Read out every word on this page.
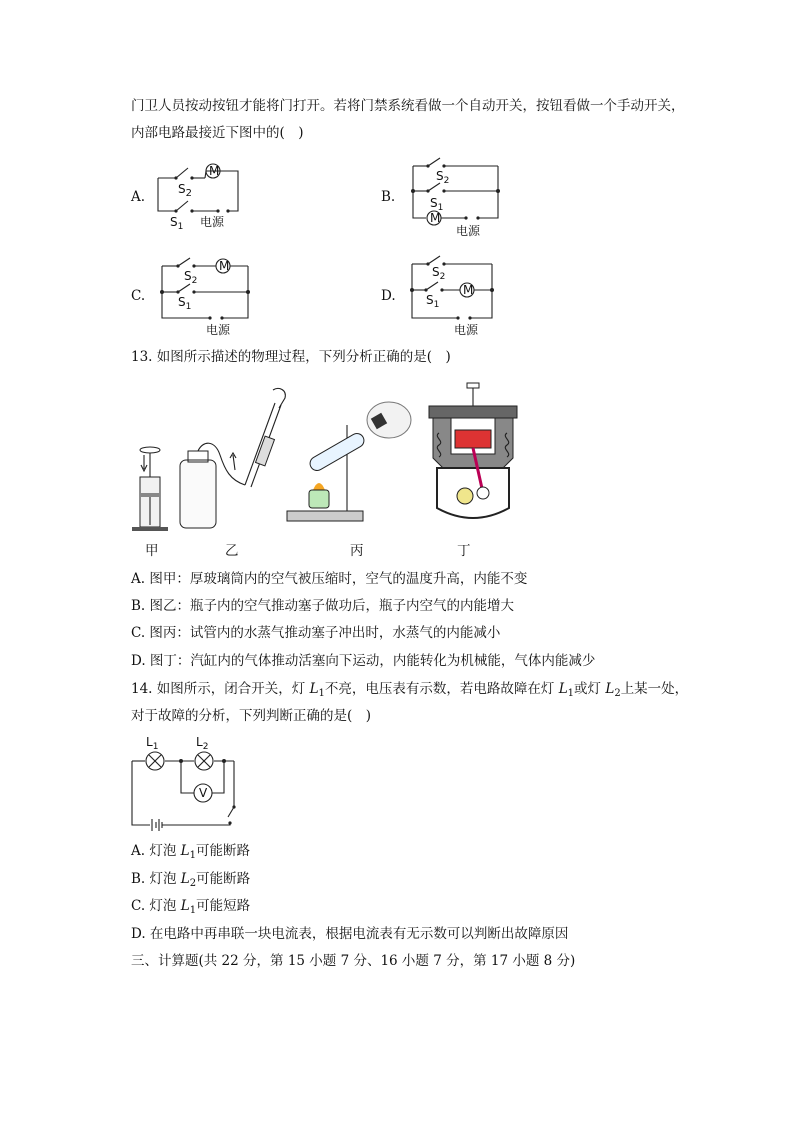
门卫人员按动按钮才能将门打开。若将门禁系统看做一个自动开关，按钮看做一个手动开关，
内部电路最接近下图中的(　)
A.	B.
C.	D.
M
$S_2$
$S_1$ 电源	M
$S_2$
$S_1$
电源
M
$S_2$
$S_1$
电源
M
$S_2$
$S_1$
电源
13. 如图所示描述的物理过程，下列分析正确的是(　)
甲	乙	丙	丁
A. 图甲：厚玻璃筒内的空气被压缩时，空气的温度升高，内能不变
B. 图乙：瓶子内的空气推动塞子做功后，瓶子内空气的内能增大
C. 图丙：试管内的水蒸气推动塞子冲出时，水蒸气的内能减小
D. 图丁：汽缸内的气体推动活塞向下运动，内能转化为机械能，气体内能减少
14. 如图所示，闭合开关，灯 $L_1$不亮，电压表有示数，若电路故障在灯 $L_1$或灯 $L_2$上某一处，
对于故障的分析，下列判断正确的是(　)
$L_1$	$L_2$
V
A. 灯泡 $L_1$可能断路
B. 灯泡 $L_2$可能断路
C. 灯泡 $L_1$可能短路
D. 在电路中再串联一块电流表，根据电流表有无示数可以判断出故障原因
三、计算题(共 22 分，第 15 小题 7 分、16 小题 7 分，第 17 小题 8 分)
